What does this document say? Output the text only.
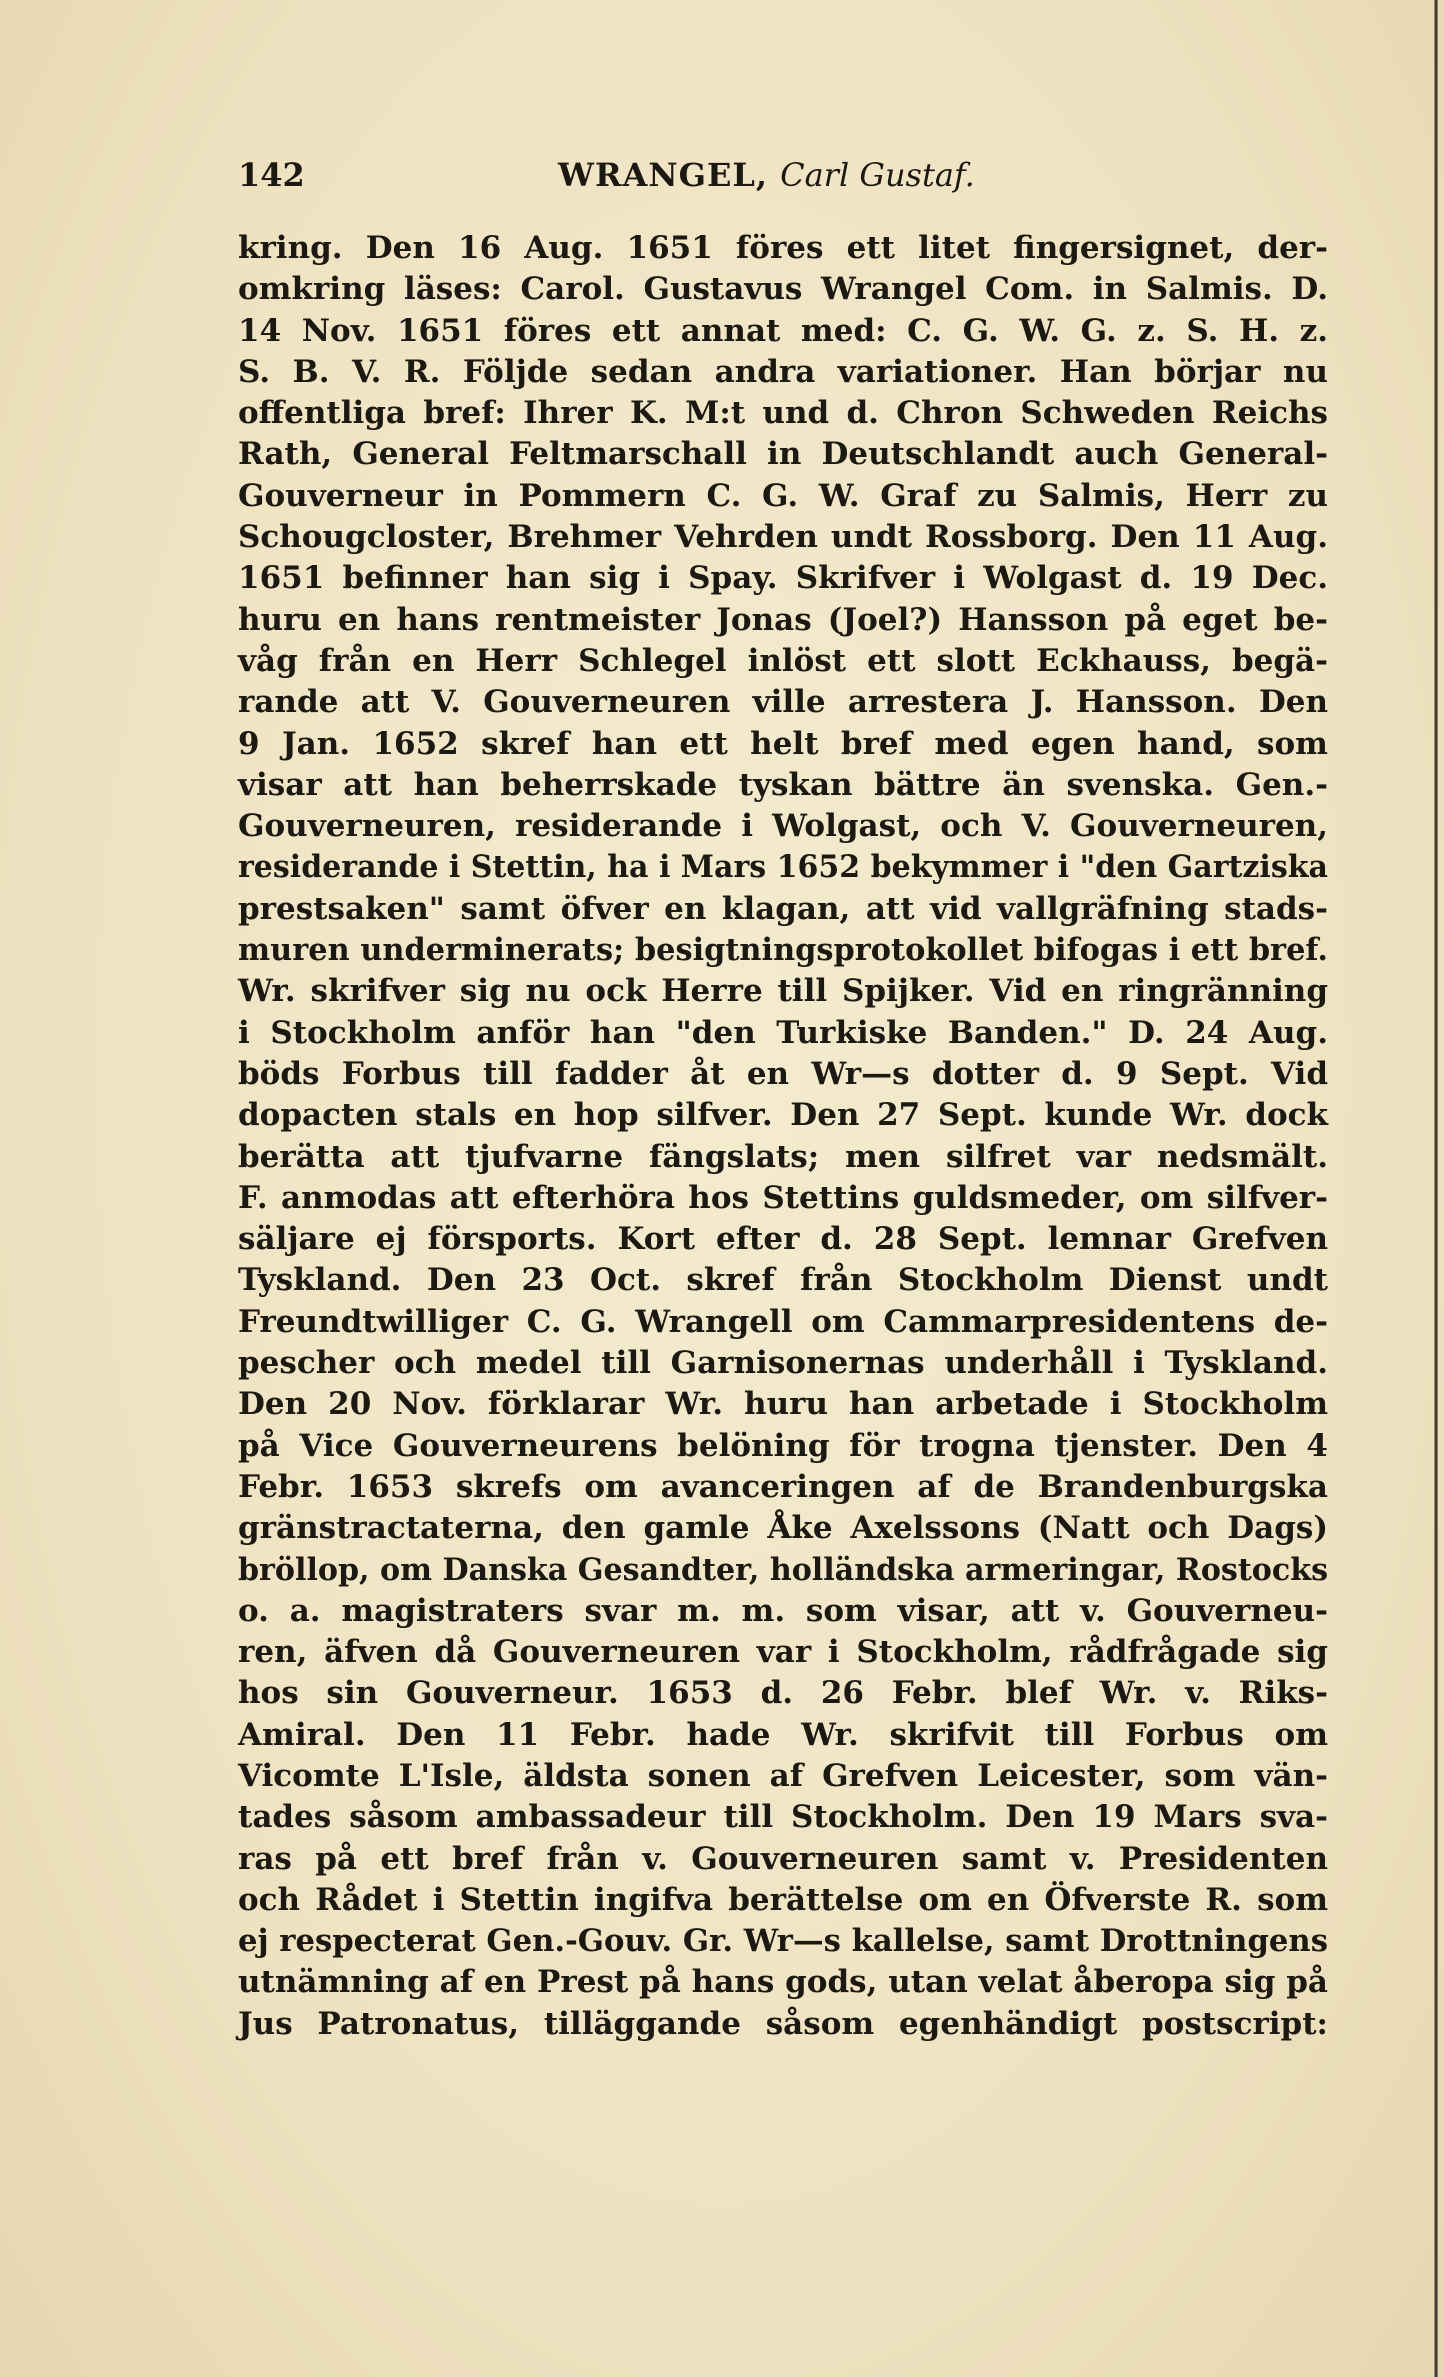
142	WRANGEL, Carl Gustaf.
kring. Den 16 Aug. 1651 föres ett litet fingersignet, der-
omkring läses: Carol. Gustavus Wrangel Com. in Salmis. D.
14 Nov. 1651 föres ett annat med: C. G. W. G. z. S. H. z.
S. B. V. R. Följde sedan andra variationer. Han börjar nu
offentliga bref: Ihrer K. M:t und d. Chron Schweden Reichs
Rath, General Feltmarschall in Deutschlandt auch General-
Gouverneur in Pommern C. G. W. Graf zu Salmis, Herr zu
Schougcloster, Brehmer Vehrden undt Rossborg. Den 11 Aug.
1651 befinner han sig i Spay. Skrifver i Wolgast d. 19 Dec.
huru en hans rentmeister Jonas (Joel?) Hansson på eget be-
våg från en Herr Schlegel inlöst ett slott Eckhauss, begä-
rande att V. Gouverneuren ville arrestera J. Hansson. Den
9 Jan. 1652 skref han ett helt bref med egen hand, som
visar att han beherrskade tyskan bättre än svenska. Gen.-
Gouverneuren, residerande i Wolgast, och V. Gouverneuren,
residerande i Stettin, ha i Mars 1652 bekymmer i "den Gartziska
prestsaken" samt öfver en klagan, att vid vallgräfning stads-
muren underminerats; besigtningsprotokollet bifogas i ett bref.
Wr. skrifver sig nu ock Herre till Spijker. Vid en ringränning
i Stockholm anför han "den Turkiske Banden." D. 24 Aug.
böds Forbus till fadder åt en Wr—s dotter d. 9 Sept. Vid
dopacten stals en hop silfver. Den 27 Sept. kunde Wr. dock
berätta att tjufvarne fängslats; men silfret var nedsmält.
F. anmodas att efterhöra hos Stettins guldsmeder, om silfver-
säljare ej försports. Kort efter d. 28 Sept. lemnar Grefven
Tyskland. Den 23 Oct. skref från Stockholm Dienst undt
Freundtwilliger C. G. Wrangell om Cammarpresidentens de-
pescher och medel till Garnisonernas underhåll i Tyskland.
Den 20 Nov. förklarar Wr. huru han arbetade i Stockholm
på Vice Gouverneurens belöning för trogna tjenster. Den 4
Febr. 1653 skrefs om avanceringen af de Brandenburgska
gränstractaterna, den gamle Åke Axelssons (Natt och Dags)
bröllop, om Danska Gesandter, holländska armeringar, Rostocks
o. a. magistraters svar m. m. som visar, att v. Gouverneu-
ren, äfven då Gouverneuren var i Stockholm, rådfrågade sig
hos sin Gouverneur. 1653 d. 26 Febr. blef Wr. v. Riks-
Amiral. Den 11 Febr. hade Wr. skrifvit till Forbus om
Vicomte L'Isle, äldsta sonen af Grefven Leicester, som vän-
tades såsom ambassadeur till Stockholm. Den 19 Mars sva-
ras på ett bref från v. Gouverneuren samt v. Presidenten
och Rådet i Stettin ingifva berättelse om en Öfverste R. som
ej respecterat Gen.-Gouv. Gr. Wr—s kallelse, samt Drottningens
utnämning af en Prest på hans gods, utan velat åberopa sig på
Jus Patronatus, tilläggande såsom egenhändigt postscript:
